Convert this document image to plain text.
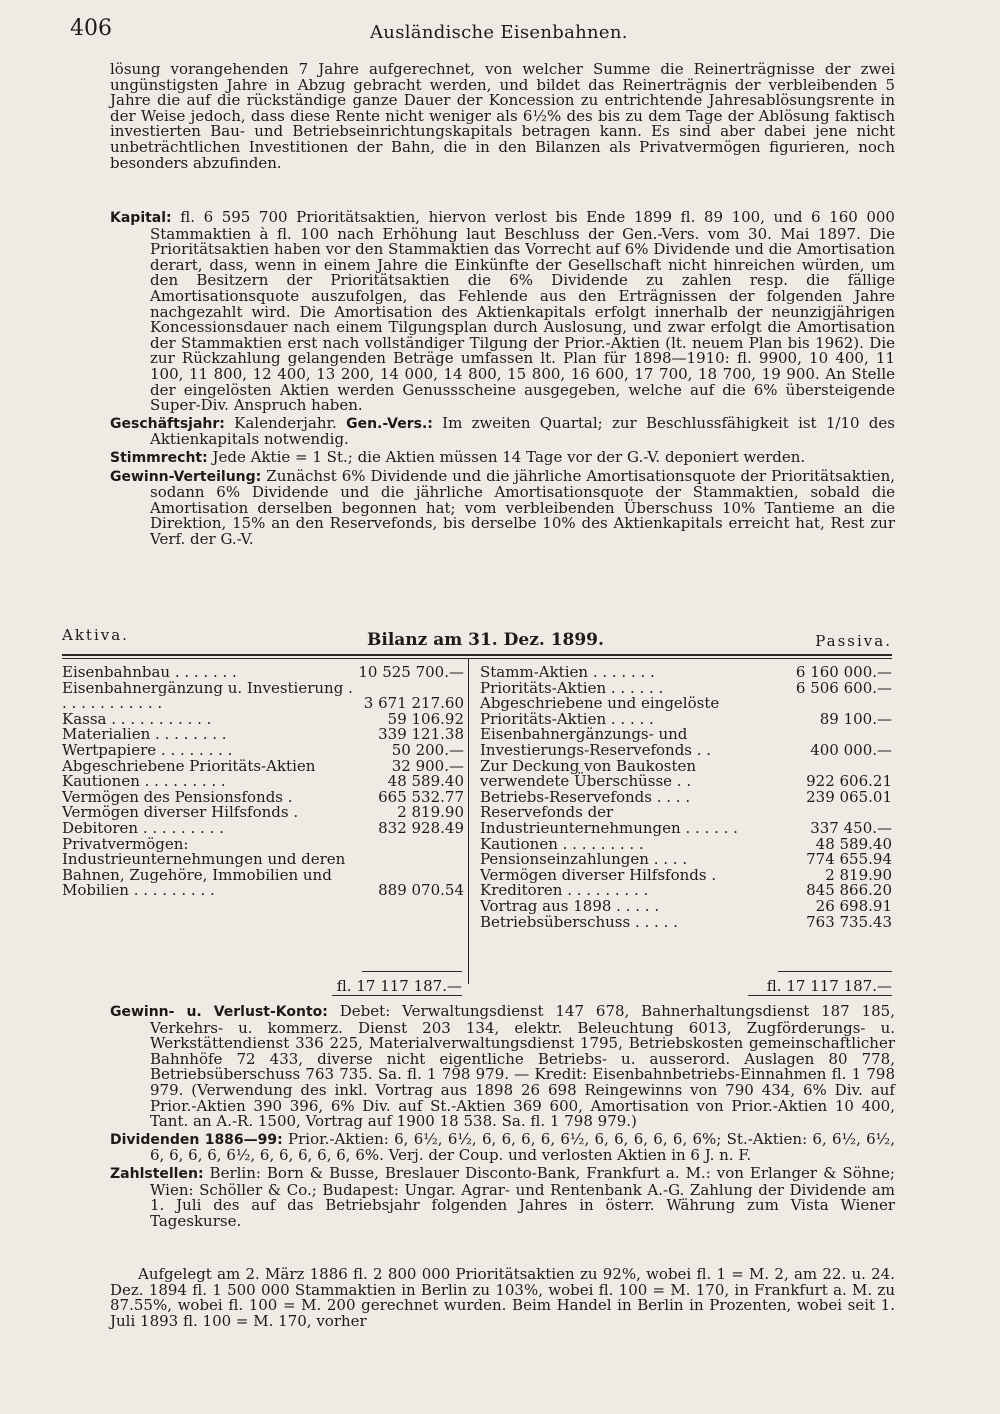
406	Ausländische Eisenbahnen.

lösung vorangehenden 7 Jahre aufgerechnet, von welcher Summe die Reinerträgnisse der zwei ungünstigsten Jahre in Abzug gebracht werden, und bildet das Reinerträgnis der verbleibenden 5 Jahre die auf die rückständige ganze Dauer der Koncession zu entrichtende Jahresablösungsrente in der Weise jedoch, dass diese Rente nicht weniger als 6½% des bis zu dem Tage der Ablösung faktisch investierten Bau- und Betriebseinrichtungskapitals betragen kann. Es sind aber dabei jene nicht unbeträchtlichen Investitionen der Bahn, die in den Bilanzen als Privatvermögen figurieren, noch besonders abzufinden.

Kapital: fl. 6 595 700 Prioritätsaktien, hiervon verlost bis Ende 1899 fl. 89 100, und 6 160 000 Stammaktien à fl. 100 nach Erhöhung laut Beschluss der Gen.-Vers. vom 30. Mai 1897. Die Prioritätsaktien haben vor den Stammaktien das Vorrecht auf 6% Dividende und die Amortisation derart, dass, wenn in einem Jahre die Einkünfte der Gesellschaft nicht hinreichen würden, um den Besitzern der Prioritätsaktien die 6% Dividende zu zahlen resp. die fällige Amortisationsquote auszufolgen, das Fehlende aus den Erträgnissen der folgenden Jahre nachgezahlt wird. Die Amortisation des Aktienkapitals erfolgt innerhalb der neunzigjährigen Koncessionsdauer nach einem Tilgungsplan durch Auslosung, und zwar erfolgt die Amortisation der Stammaktien erst nach vollständiger Tilgung der Prior.-Aktien (lt. neuem Plan bis 1962). Die zur Rückzahlung gelangenden Beträge umfassen lt. Plan für 1898—1910: fl. 9900, 10 400, 11 100, 11 800, 12 400, 13 200, 14 000, 14 800, 15 800, 16 600, 17 700, 18 700, 19 900. An Stelle der eingelösten Aktien werden Genussscheine ausgegeben, welche auf die 6% übersteigende Super-Div. Anspruch haben.

Geschäftsjahr: Kalenderjahr. Gen.-Vers.: Im zweiten Quartal; zur Beschlussfähigkeit ist 1/10 des Aktienkapitals notwendig.

Stimmrecht: Jede Aktie = 1 St.; die Aktien müssen 14 Tage vor der G.-V. deponiert werden.

Gewinn-Verteilung: Zunächst 6% Dividende und die jährliche Amortisationsquote der Prioritätsaktien, sodann 6% Dividende und die jährliche Amortisationsquote der Stammaktien, sobald die Amortisation derselben begonnen hat; vom verbleibenden Überschuss 10% Tantieme an die Direktion, 15% an den Reservefonds, bis derselbe 10% des Aktienkapitals erreicht hat, Rest zur Verf. der G.-V.

Aktiva.	Bilanz am 31. Dez. 1899.	Passiva.
Eisenbahnbau . . . . . . .	10 525 700.—
Eisenbahnergänzung u. Investierung . . . . . . . . . . . .	3 671 217.60
Kassa . . . . . . . . . . .	59 106.92
Materialien . . . . . . . .	339 121.38
Wertpapiere . . . . . . . .	50 200.—
Abgeschriebene Prioritäts-Aktien	32 900.—
Kautionen . . . . . . . . .	48 589.40
Vermögen des Pensionsfonds .	665 532.77
Vermögen diverser Hilfsfonds .	2 819.90
Debitoren . . . . . . . . .	832 928.49
Privatvermögen: Industrieunternehmungen und deren Bahnen, Zugehöre, Immobilien und Mobilien . . . . . . . . .	889 070.54
Stamm-Aktien . . . . . . .	6 160 000.—
Prioritäts-Aktien . . . . . .	6 506 600.—
Abgeschriebene und eingelöste Prioritäts-Aktien . . . . .	89 100.—
Eisenbahnergänzungs- und Investierungs-Reservefonds . .	400 000.—
Zur Deckung von Baukosten verwendete Überschüsse . .	922 606.21
Betriebs-Reservefonds . . . .	239 065.01
Reservefonds der Industrieunternehmungen . . . . . .	337 450.—
Kautionen . . . . . . . . .	48 589.40
Pensionseinzahlungen . . . .	774 655.94
Vermögen diverser Hilfsfonds .	2 819.90
Kreditoren . . . . . . . . .	845 866.20
Vortrag aus 1898 . . . . .	26 698.91
Betriebsüberschuss . . . . .	763 735.43
fl. 17 117 187.—	fl. 17 117 187.—

Gewinn- u. Verlust-Konto: Debet: Verwaltungsdienst 147 678, Bahnerhaltungsdienst 187 185, Verkehrs- u. kommerz. Dienst 203 134, elektr. Beleuchtung 6013, Zugförderungs- u. Werkstättendienst 336 225, Materialverwaltungsdienst 1795, Betriebskosten gemeinschaftlicher Bahnhöfe 72 433, diverse nicht eigentliche Betriebs- u. ausserord. Auslagen 80 778, Betriebsüberschuss 763 735. Sa. fl. 1 798 979. — Kredit: Eisenbahnbetriebs-Einnahmen fl. 1 798 979. (Verwendung des inkl. Vortrag aus 1898 26 698 Reingewinns von 790 434, 6% Div. auf Prior.-Aktien 390 396, 6% Div. auf St.-Aktien 369 600, Amortisation von Prior.-Aktien 10 400, Tant. an A.-R. 1500, Vortrag auf 1900 18 538. Sa. fl. 1 798 979.)

Dividenden 1886—99: Prior.-Aktien: 6, 6½, 6½, 6, 6, 6, 6, 6½, 6, 6, 6, 6, 6, 6%; St.-Aktien: 6, 6½, 6½, 6, 6, 6, 6, 6½, 6, 6, 6, 6, 6, 6%. Verj. der Coup. und verlosten Aktien in 6 J. n. F.

Zahlstellen: Berlin: Born & Busse, Breslauer Disconto-Bank, Frankfurt a. M.: von Erlanger & Söhne; Wien: Schöller & Co.; Budapest: Ungar. Agrar- und Rentenbank A.-G. Zahlung der Dividende am 1. Juli des auf das Betriebsjahr folgenden Jahres in österr. Währung zum Vista Wiener Tageskurse.

Aufgelegt am 2. März 1886 fl. 2 800 000 Prioritätsaktien zu 92%, wobei fl. 1 = M. 2, am 22. u. 24. Dez. 1894 fl. 1 500 000 Stammaktien in Berlin zu 103%, wobei fl. 100 = M. 170, in Frankfurt a. M. zu 87.55%, wobei fl. 100 = M. 200 gerechnet wurden. Beim Handel in Berlin in Prozenten, wobei seit 1. Juli 1893 fl. 100 = M. 170, vorher
